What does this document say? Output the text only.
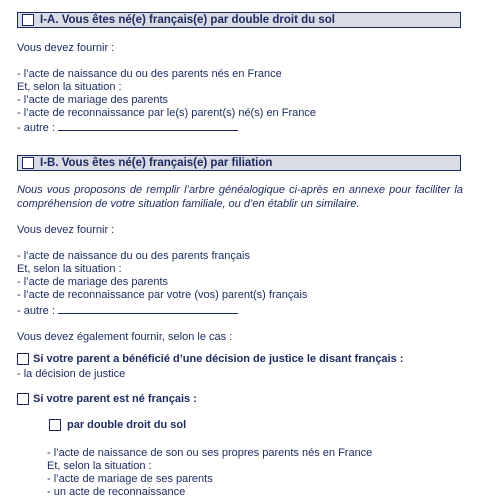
I-A. Vous êtes né(e) français(e) par double droit du sol
Vous devez fournir :
- l’acte de naissance du ou des parents nés en France
Et, selon la situation :
- l’acte de mariage des parents
- l’acte de reconnaissance par le(s) parent(s) né(s) en France
- autre :
I-B. Vous êtes né(e) français(e) par filiation
Nous vous proposons de remplir l’arbre généalogique ci-après en annexe pour faciliter la compréhension de votre situation familiale, ou d’en établir un similaire.
Vous devez fournir :
- l’acte de naissance du ou des parents français
Et, selon la situation :
- l’acte de mariage des parents
- l’acte de reconnaissance par votre (vos) parent(s) français
- autre :
Vous devez également fournir, selon le cas :
Si votre parent a bénéficié d’une décision de justice le disant français :
- la décision de justice
Si votre parent est né français :
par double droit du sol
- l’acte de naissance de son ou ses propres parents nés en France
Et, selon la situation :
- l’acte de mariage de ses parents
- un acte de reconnaissance
